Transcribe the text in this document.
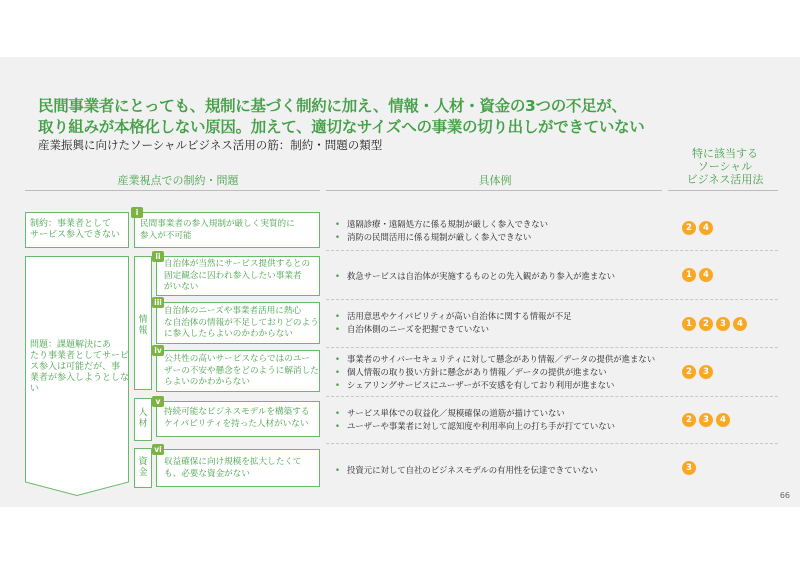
民間事業者にとっても、規制に基づく制約に加え、情報・人材・資金の3つの不足が、
取り組みが本格化しない原因。加えて、適切なサイズへの事業の切り出しができていない
産業振興に向けたソーシャルビジネス活用の筋：制約・問題の類型
産業視点での制約・問題	具体例
特に該当する
ソーシャル
ビジネス活用法
制約：事業者として
サービス参入できない
問題：課題解決にあ
たり事業者としてサービ
ス参入は可能だが、事
業者が参入しようとしな
い
情報
人材
資金
i
民間事業者の参入規制が厳しく実質的に
参入が不可能
• 遠隔診療・遠隔処方に係る規制が厳しく参入できない
• 消防の民間活用に係る規制が厳しく参入できない
2	4
ii
自治体が当然にサービス提供するとの
固定観念に囚われ参入したい事業者
がいない
• 救急サービスは自治体が実施するものとの先入観があり参入が進まない	1	4
iii
自治体のニーズや事業者活用に熱心
な自治体の情報が不足しておりどのよう
に参入したらよいのかわからない
• 活用意思やケイパビリティが高い自治体に関する情報が不足
• 自治体側のニーズを把握できていない	1	2	3	4
iv
公共性の高いサービスならではのユー
ザーの不安や懸念をどのように解消した
らよいのかわからない
• 事業者のサイバーセキュリティに対して懸念があり情報／データの提供が進まない
• 個人情報の取り扱い方針に懸念があり情報／データの提供が進まない
• シェアリングサービスにユーザーが不安感を有しており利用が進まない
2	3
v
持続可能なビジネスモデルを構築する
ケイパビリティを持った人材がいない
• サービス単体での収益化／規模確保の道筋が描けていない
• ユーザーや事業者に対して認知度や利用率向上の打ち手が打てていない
2	3	4
vi
収益確保に向け規模を拡大したくて
も、必要な資金がない
•	投資元に対して自社のビジネスモデルの有用性を伝達できていない	3
66
